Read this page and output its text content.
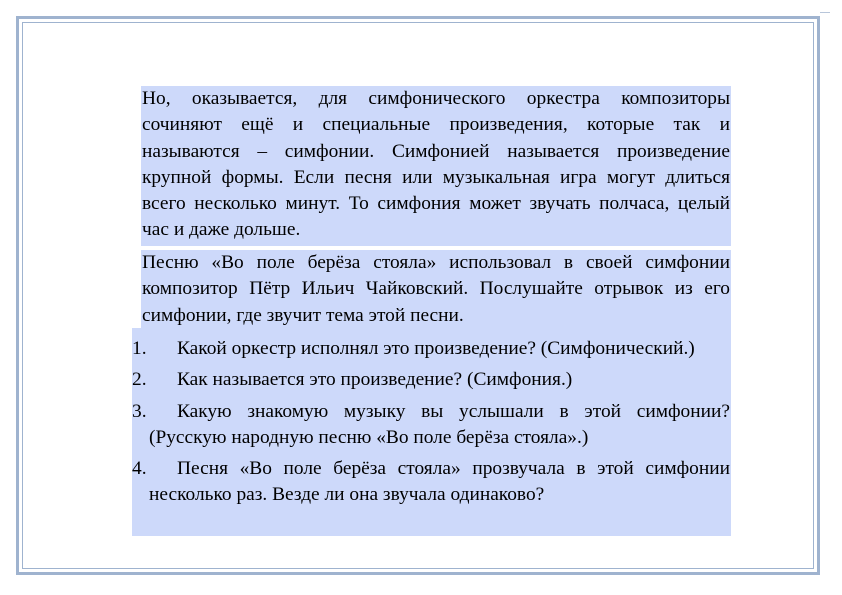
Но, оказывается, для симфонического оркестра композиторы сочиняют ещё и специальные произведения, которые так и называются – симфонии. Симфонией называется произведение крупной формы. Если песня или музыкальная игра могут длиться всего несколько минут. То симфония может звучать полчаса, целый час и даже дольше.
Песню «Во поле берёза стояла» использовал в своей симфонии композитор Пётр Ильич Чайковский. Послушайте отрывок из его симфонии, где звучит тема этой песни.
1. Какой оркестр исполнял это произведение? (Симфонический.)
2. Как называется это произведение? (Симфония.)
3. Какую знакомую музыку вы услышали в этой симфонии? (Русскую народную песню «Во поле берёза стояла».)
4. Песня «Во поле берёза стояла» прозвучала в этой симфонии несколько раз. Везде ли она звучала одинаково?
